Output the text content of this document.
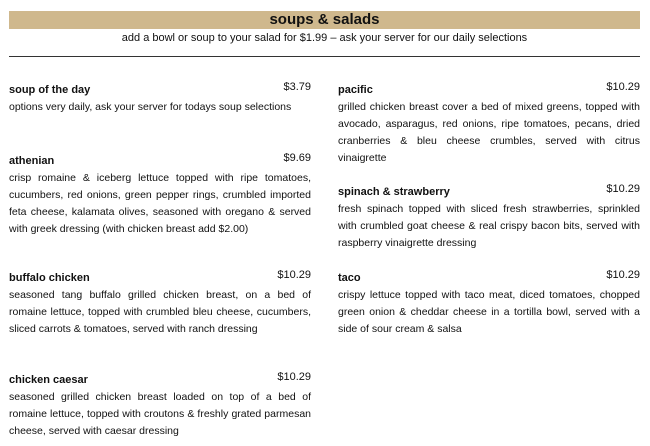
soups & salads
add a bowl or soup to your salad for $1.99 – ask your server for our daily selections
soup of the day	$3.79
options very daily, ask your server for todays soup selections
athenian	$9.69
crisp romaine & iceberg lettuce topped with ripe tomatoes, cucumbers, red onions, green pepper rings, crumbled imported feta cheese, kalamata olives, seasoned with oregano & served with greek dressing (with chicken breast add $2.00)
buffalo chicken	$10.29
seasoned tang buffalo grilled chicken breast, on a bed of romaine lettuce, topped with crumbled bleu cheese, cucumbers, sliced carrots & tomatoes, served with ranch dressing
chicken caesar	$10.29
seasoned grilled chicken breast loaded on top of a bed of romaine lettuce, topped with croutons & freshly grated parmesan cheese, served with caesar dressing
pacific	$10.29
grilled chicken breast cover a bed of mixed greens, topped with avocado, asparagus, red onions, ripe tomatoes, pecans, dried cranberries & bleu cheese crumbles, served with citrus vinaigrette
spinach & strawberry	$10.29
fresh spinach topped with sliced fresh strawberries, sprinkled with crumbled goat cheese & real crispy bacon bits, served with raspberry vinaigrette dressing
taco	$10.29
crispy lettuce topped with taco meat, diced tomatoes, chopped green onion & cheddar cheese in a tortilla bowl, served with a side of sour cream & salsa
